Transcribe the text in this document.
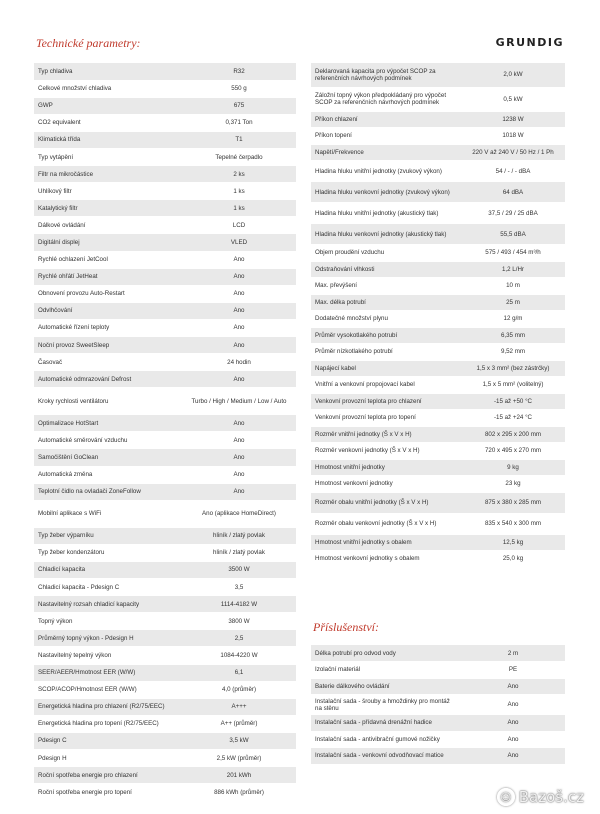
Technické parametry:	GRUNDIG
Typ chladiva	R32
Celkové množství chladiva	550 g
GWP	675
CO2 equivalent	0,371 Ton
Klimatická třída	T1
Typ vytápění	Tepelné čerpadlo
Filtr na mikročástice	2 ks
Uhlíkový filtr	1 ks
Katalytický filtr	1 ks
Dálkové ovládání	LCD
Digitální displej	VLED
Rychlé ochlazení JetCool	Ano
Rychlé ohřátí JetHeat	Ano
Obnovení provozu Auto-Restart	Ano
Odvlhčování	Ano
Automatické řízení teploty	Ano
Noční provoz SweetSleep	Ano
Časovač	24 hodin
Automatické odmrazování Defrost	Ano
Kroky rychlosti ventilátoru	Turbo / High / Medium / Low / Auto
Optimalizace HotStart	Ano
Automatické směrování vzduchu	Ano
Samočištění GoClean	Ano
Automatická změna	Ano
Teplotní čidlo na ovladači ZoneFollow	Ano
Mobilní aplikace s WiFi	Ano (aplikace HomeDirect)
Typ žeber výparníku	hliník / zlatý povlak
Typ žeber kondenzátoru	hliník / zlatý povlak
Chladicí kapacita	3500 W
Chladicí kapacita - Pdesign C	3,5
Nastavitelný rozsah chladicí kapacity	1114-4182 W
Topný výkon	3800 W
Průměrný topný výkon - Pdesign H	2,5
Nastavitelný tepelný výkon	1084-4220 W
SEER/AEER/Hmotnost EER (W/W)	6,1
SCOP/ACOP/Hmotnost EER (W/W)	4,0 (průměr)
Energetická hladina pro chlazení (R2/75/EEC)	A+++
Energetická hladina pro topení (R2/75/EEC)	A++ (průměr)
Pdesign C	3,5 kW
Pdesign H	2,5 kW (průměr)
Roční spotřeba energie pro chlazení	201 kWh
Roční spotřeba energie pro topení	886 kWh (průměr)
Deklarovaná kapacita pro výpočet SCOP za referenčních návrhových podmínek	2,0 kW
Záložní topný výkon předpokládaný pro výpočet SCOP za referenčních návrhových podmínek	0,5 kW
Příkon chlazení	1238 W
Příkon topení	1018 W
Napětí/Frekvence	220 V až 240 V / 50 Hz / 1 Ph
Hladina hluku vnitřní jednotky (zvukový výkon)	54 / - / - dBA
Hladina hluku venkovní jednotky (zvukový výkon)	64 dBA
Hladina hluku vnitřní jednotky (akustický tlak)	37,5 / 29 / 25 dBA
Hladina hluku venkovní jednotky (akustický tlak)	55,5 dBA
Objem proudění vzduchu	575 / 493 / 454 m³/h
Odstraňování vlhkosti	1,2 L/Hr
Max. převýšení	10 m
Max. délka potrubí	25 m
Dodatečné množství plynu	12 g/m
Průměr vysokotlakého potrubí	6,35 mm
Průměr nízkotlakého potrubí	9,52 mm
Napájecí kabel	1,5 x 3 mm² (bez zástrčky)
Vnitřní a venkovní propojovací kabel	1,5 x 5 mm² (volitelný)
Venkovní provozní teplota pro chlazení	-15 až +50 °C
Venkovní provozní teplota pro topení	-15 až +24 °C
Rozměr vnitřní jednotky (Š x V x H)	802 x 295 x 200 mm
Rozměr venkovní jednotky (Š x V x H)	720 x 495 x 270 mm
Hmotnost vnitřní jednotky	9 kg
Hmotnost venkovní jednotky	23 kg
Rozměr obalu vnitřní jednotky (Š x V x H)	875 x 380 x 285 mm
Rozměr obalu venkovní jednotky (Š x V x H)	835 x 540 x 300 mm
Hmotnost vnitřní jednotky s obalem	12,5 kg
Hmotnost venkovní jednotky s obalem	25,0 kg
Příslušenství:
Délka potrubí pro odvod vody	2 m
Izolační materiál	PE
Baterie dálkového ovládání	Ano
Instalační sada - šrouby a hmoždinky pro montáž na stěnu	Ano
Instalační sada - přídavná drenážní hadice	Ano
Instalační sada - antivibrační gumové nožičky	Ano
Instalační sada - venkovní odvodňovací matice	Ano
☺ Bazoš.cz
